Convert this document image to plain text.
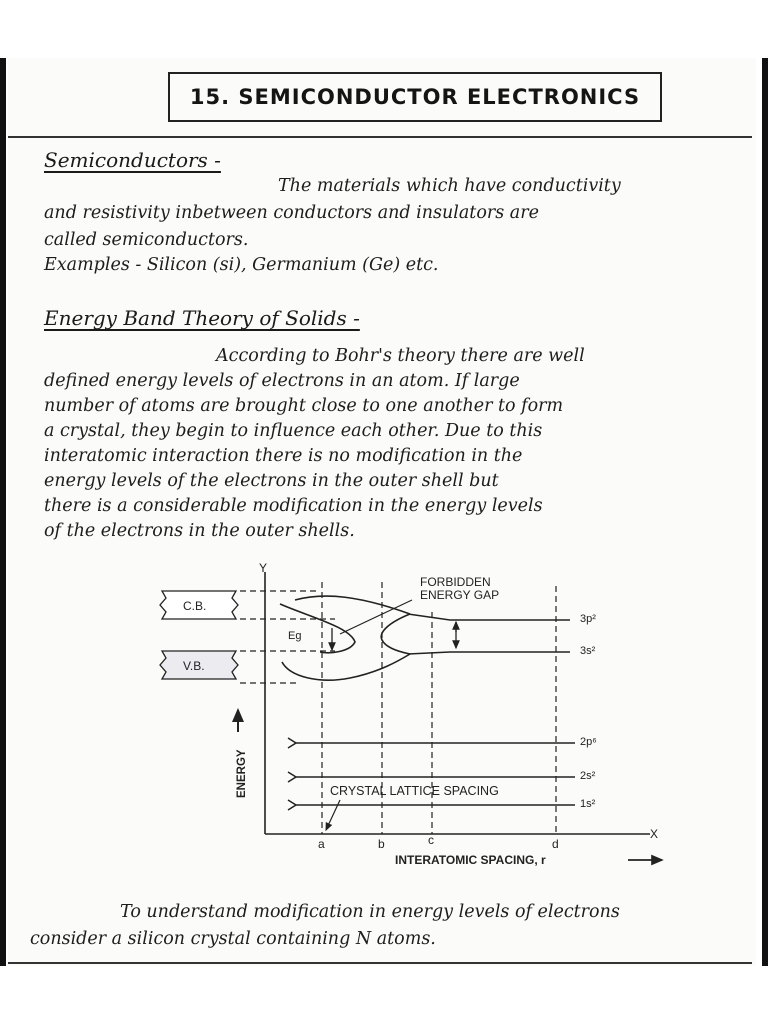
15. SEMICONDUCTOR ELECTRONICS
Semiconductors -
The materials which have conductivity
and resistivity inbetween conductors and insulators are
called semiconductors.
Examples - Silicon (si), Germanium (Ge) etc.
Energy Band Theory of Solids -
According to Bohr's theory there are well
defined energy levels of electrons in an atom. If large
number of atoms are brought close to one another to form
a crystal, they begin to influence each other. Due to this
interatomic interaction there is no modification in the
energy levels of the electrons in the outer shell but
there is a considerable modification in the energy levels
of the electrons in the outer shells.
Y
X
C.B.
V.B.
Eg
FORBIDDEN
ENERGY GAP
3p²
3s²
2p⁶
2s²
1s²
a	b	c	d
CRYSTAL LATTICE SPACING
ENERGY
INTERATOMIC SPACING, r
To understand modification in energy levels of electrons
consider a silicon crystal containing N atoms.
